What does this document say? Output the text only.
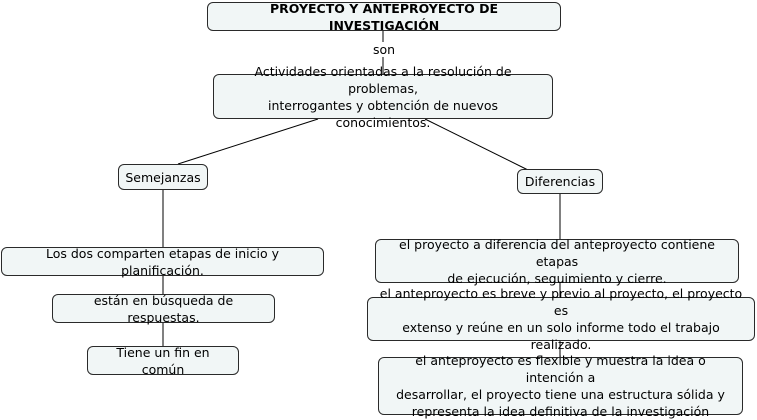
PROYECTO Y ANTEPROYECTO DE INVESTIGACIÓN
son
Actividades orientadas a la resolución de problemas,
interrogantes y obtención de nuevos conocimientos.
Semejanzas	Diferencias
Los dos comparten etapas de inicio y planificación.
están en búsqueda de respuestas.
Tiene un fin en común
el proyecto a diferencia del anteproyecto contiene etapas
de ejecución, seguimiento y cierre.
el anteproyecto es breve y previo al proyecto, el proyecto es
extenso y reúne en un solo informe todo el trabajo realizado.
el anteproyecto es flexible y muestra la idea o intención a
desarrollar, el proyecto tiene una estructura sólida y
representa la idea definitiva de la investigación
